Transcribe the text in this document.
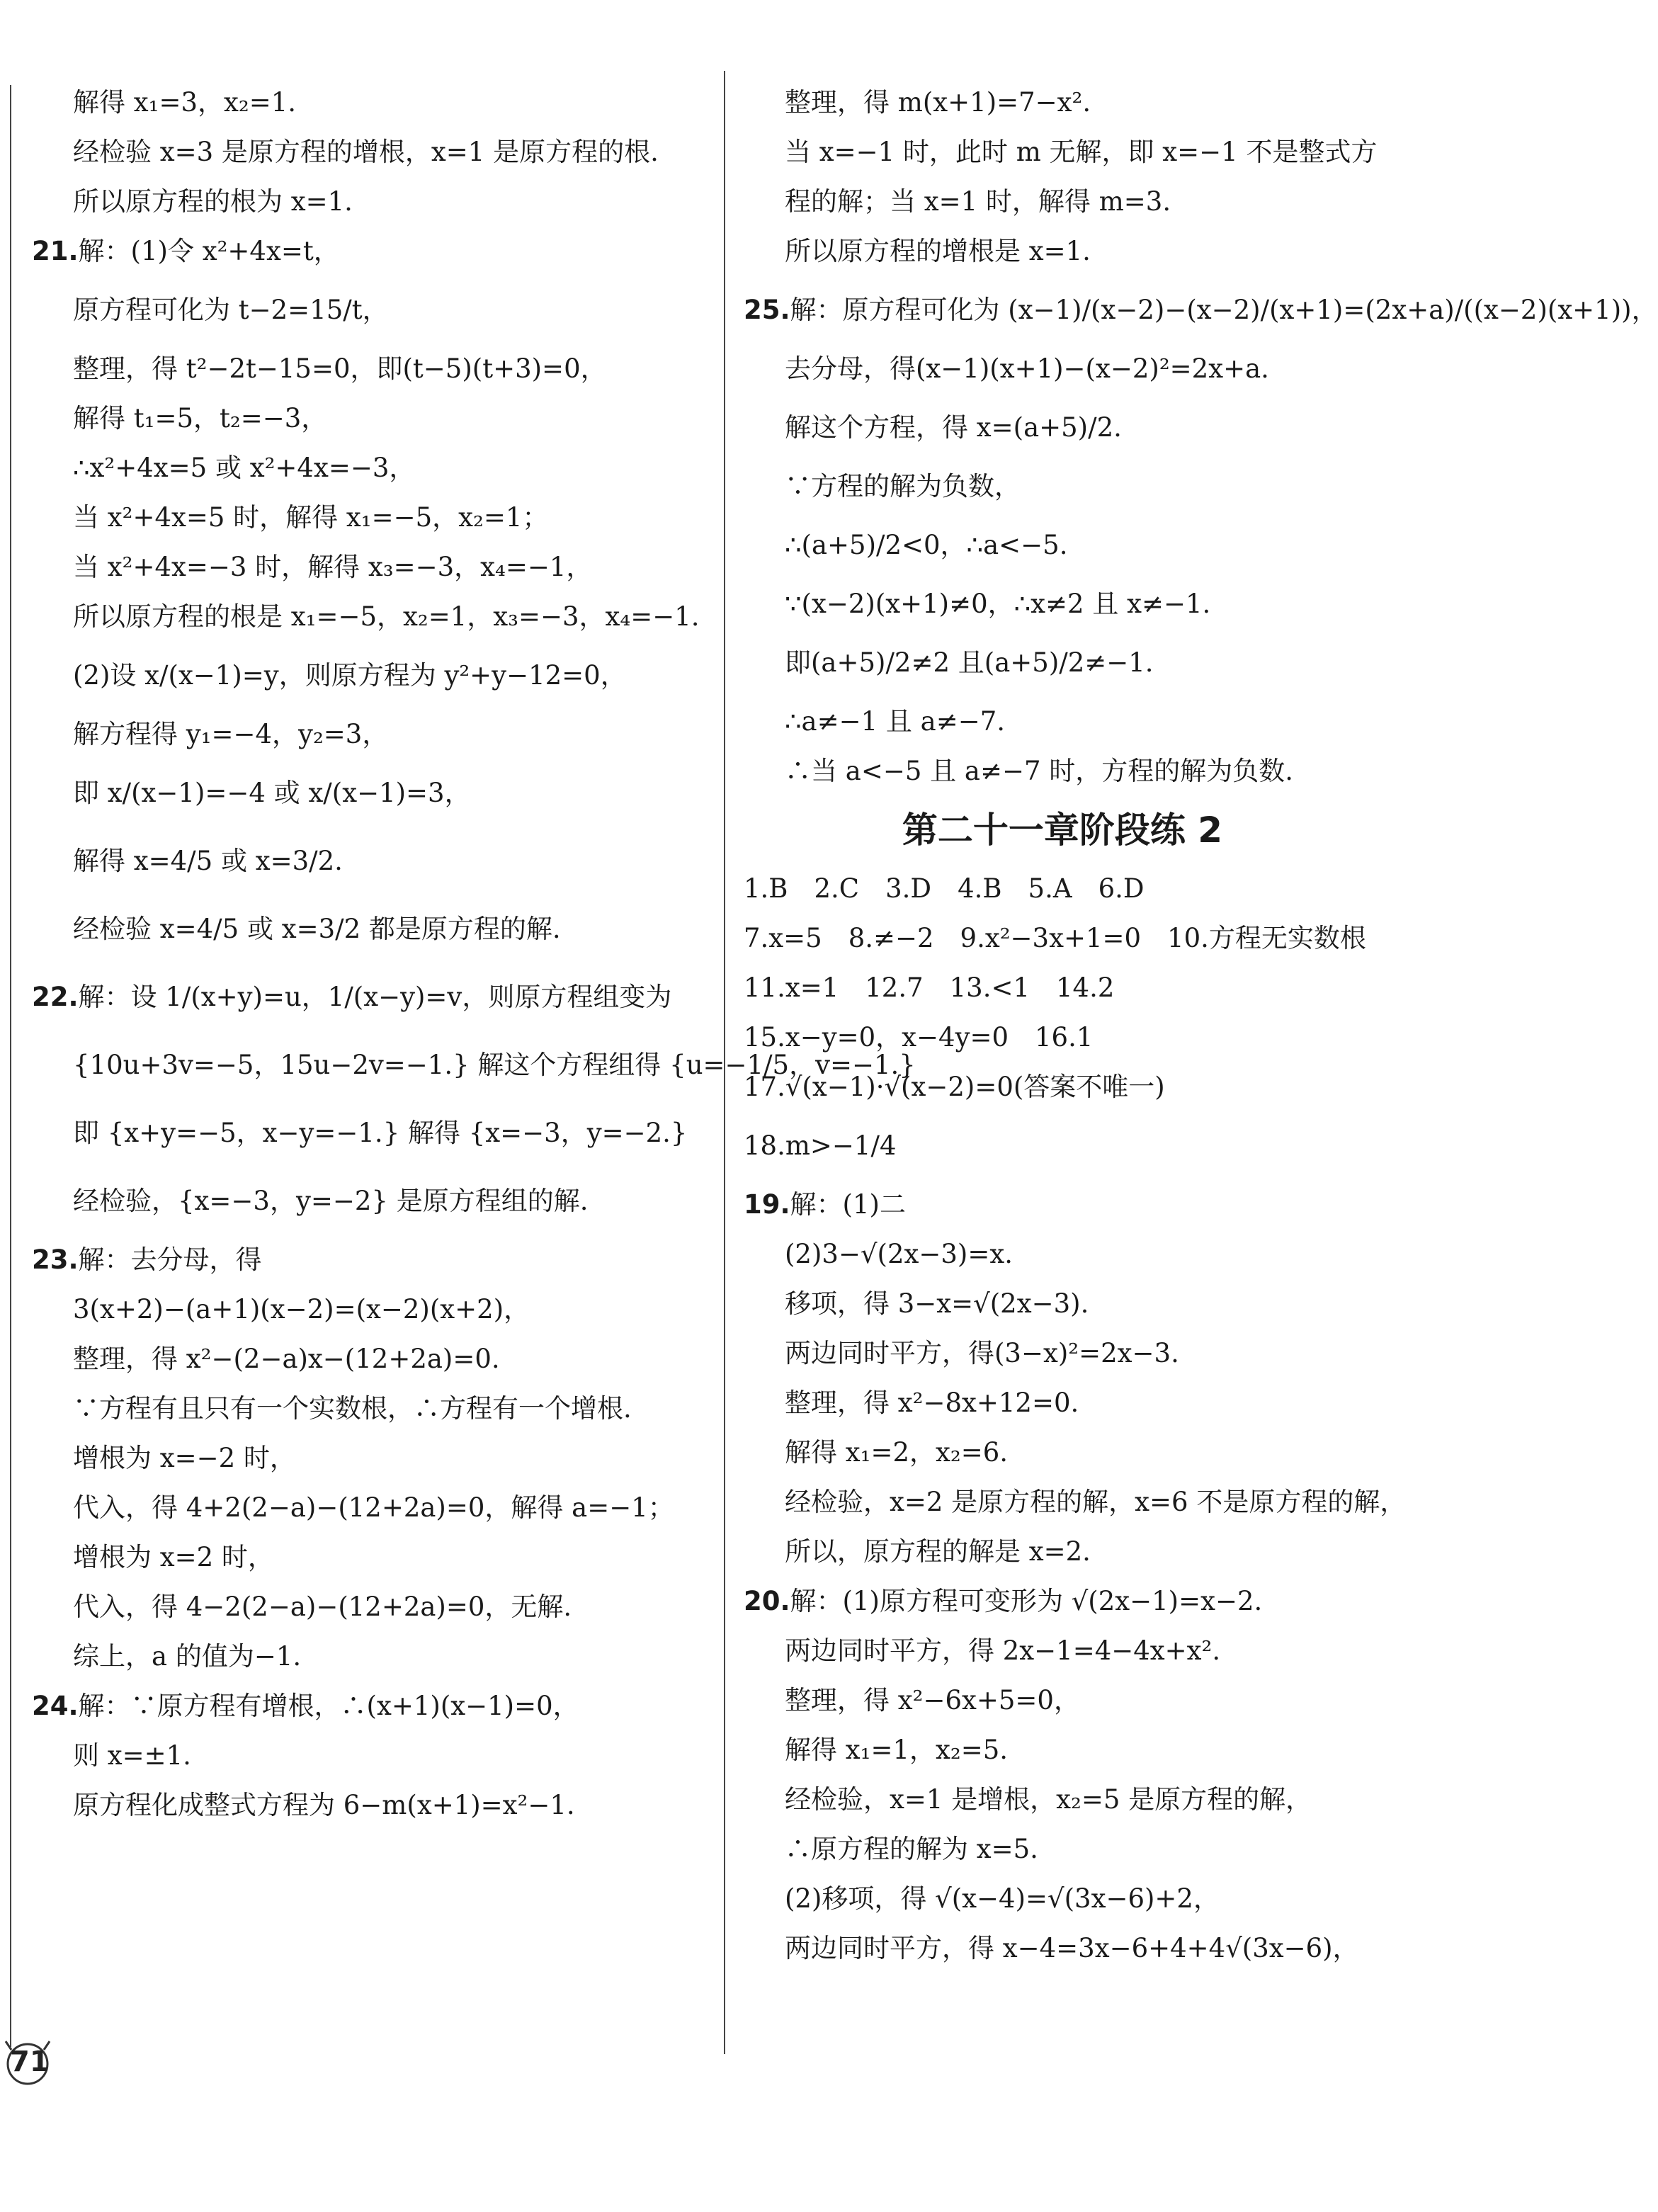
解得 x₁=3，x₂=1.
经检验 x=3 是原方程的增根，x=1 是原方程的根.
所以原方程的根为 x=1.
21.解：(1)令 x²+4x=t，
原方程可化为 t−2=15/t，
整理，得 t²−2t−15=0，即(t−5)(t+3)=0，
解得 t₁=5，t₂=−3，
∴x²+4x=5 或 x²+4x=−3，
当 x²+4x=5 时，解得 x₁=−5，x₂=1；
当 x²+4x=−3 时，解得 x₃=−3，x₄=−1，
所以原方程的根是 x₁=−5，x₂=1，x₃=−3，x₄=−1.
(2)设 x/(x−1)=y，则原方程为 y²+y−12=0，
解方程得 y₁=−4，y₂=3，
即 x/(x−1)=−4 或 x/(x−1)=3，
解得 x=4/5 或 x=3/2.
经检验 x=4/5 或 x=3/2 都是原方程的解.
22.解：设 1/(x+y)=u，1/(x−y)=v，则原方程组变为
{10u+3v=−5，15u−2v=−1.} 解这个方程组得 {u=−1/5，v=−1.}
即 {x+y=−5，x−y=−1.} 解得 {x=−3，y=−2.}
经检验，{x=−3，y=−2} 是原方程组的解.
23.解：去分母，得
3(x+2)−(a+1)(x−2)=(x−2)(x+2)，
整理，得 x²−(2−a)x−(12+2a)=0.
∵方程有且只有一个实数根，∴方程有一个增根.
增根为 x=−2 时，
代入，得 4+2(2−a)−(12+2a)=0，解得 a=−1；
增根为 x=2 时，
代入，得 4−2(2−a)−(12+2a)=0，无解.
综上，a 的值为−1.
24.解：∵原方程有增根，∴(x+1)(x−1)=0，
则 x=±1.
原方程化成整式方程为 6−m(x+1)=x²−1.
整理，得 m(x+1)=7−x².
当 x=−1 时，此时 m 无解，即 x=−1 不是整式方
程的解；当 x=1 时，解得 m=3.
所以原方程的增根是 x=1.
25.解：原方程可化为 (x−1)/(x−2)−(x−2)/(x+1)=(2x+a)/((x−2)(x+1))，
去分母，得(x−1)(x+1)−(x−2)²=2x+a.
解这个方程，得 x=(a+5)/2.
∵方程的解为负数，
∴(a+5)/2<0，∴a<−5.
∵(x−2)(x+1)≠0，∴x≠2 且 x≠−1.
即(a+5)/2≠2 且(a+5)/2≠−1.
∴a≠−1 且 a≠−7.
∴当 a<−5 且 a≠−7 时，方程的解为负数.
第二十一章阶段练 2
1.B　2.C　3.D　4.B　5.A　6.D
7.x=5　8.≠−2　9.x²−3x+1=0　10.方程无实数根
11.x=1　12.7　13.<1　14.2
15.x−y=0，x−4y=0　16.1
17.√(x−1)·√(x−2)=0(答案不唯一)
18.m>−1/4
19.解：(1)二
(2)3−√(2x−3)=x.
移项，得 3−x=√(2x−3).
两边同时平方，得(3−x)²=2x−3.
整理，得 x²−8x+12=0.
解得 x₁=2，x₂=6.
经检验，x=2 是原方程的解，x=6 不是原方程的解，
所以，原方程的解是 x=2.
20.解：(1)原方程可变形为 √(2x−1)=x−2.
两边同时平方，得 2x−1=4−4x+x².
整理，得 x²−6x+5=0，
解得 x₁=1，x₂=5.
经检验，x=1 是增根，x₂=5 是原方程的解，
∴原方程的解为 x=5.
(2)移项，得 √(x−4)=√(3x−6)+2，
两边同时平方，得 x−4=3x−6+4+4√(3x−6)，
71
